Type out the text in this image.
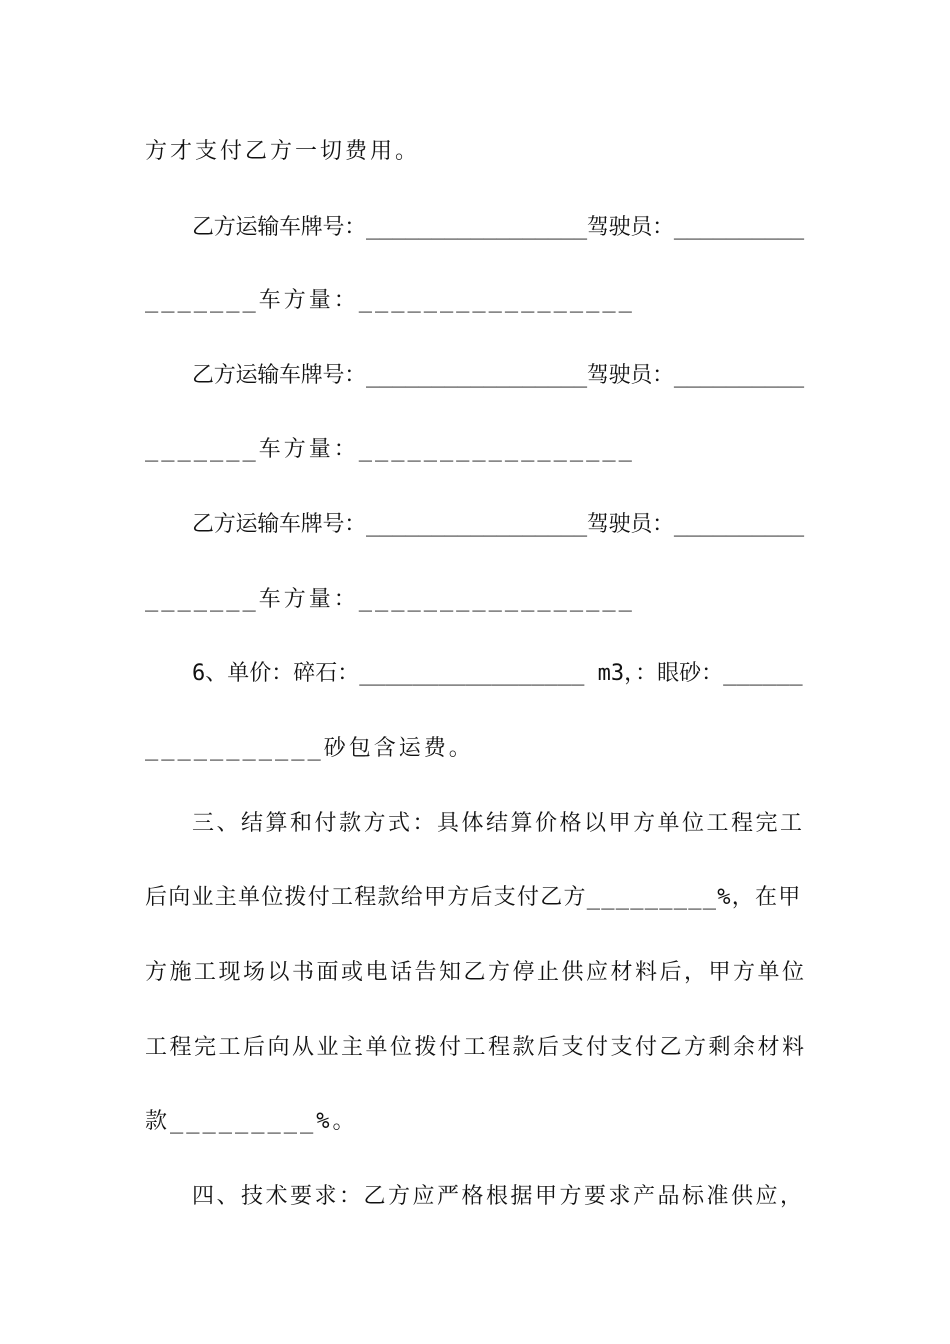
方才支付乙方一切费用。
乙方运输车牌号：_________________驾驶员：__________
_______车方量：_________________
乙方运输车牌号：_________________驾驶员：__________
_______车方量：_________________
乙方运输车牌号：_________________驾驶员：__________
_______车方量：_________________
6、单价：碎石：_________________ m3，：眼砂：______
___________砂包含运费。
三、结算和付款方式：具体结算价格以甲方单位工程完工
后向业主单位拨付工程款给甲方后支付乙方_________%，在甲
方施工现场以书面或电话告知乙方停止供应材料后，甲方单位
工程完工后向从业主单位拨付工程款后支付支付乙方剩余材料
款_________%。
四、技术要求：乙方应严格根据甲方要求产品标准供应，
